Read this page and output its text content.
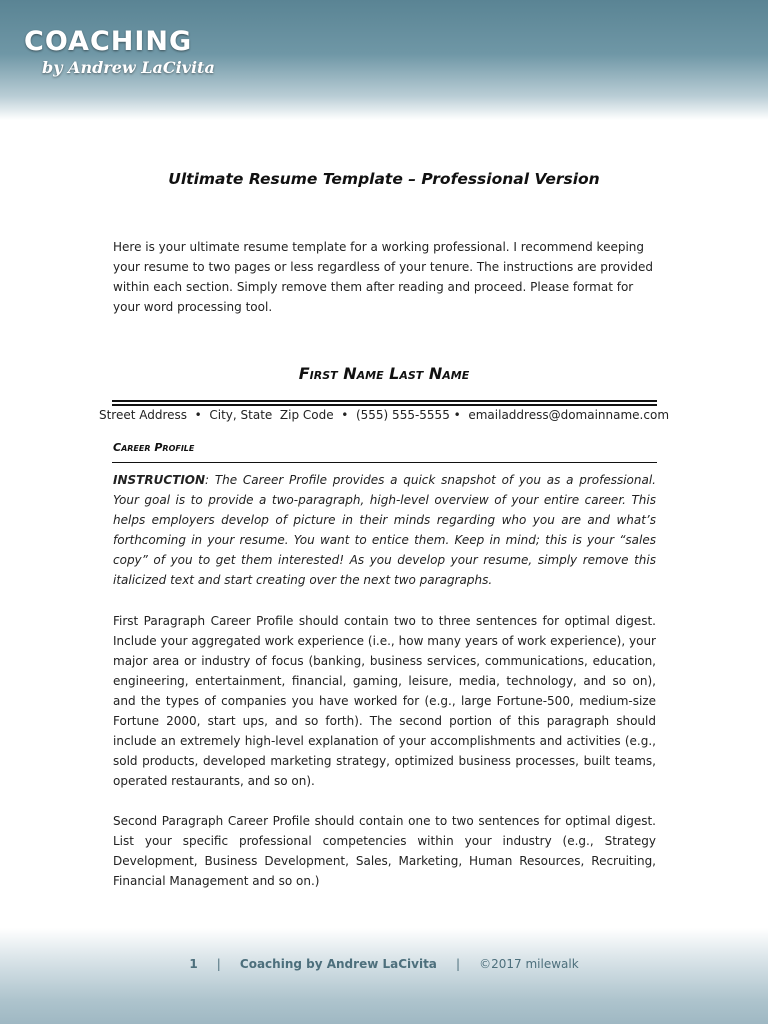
COACHING
by Andrew LaCivita
Ultimate Resume Template – Professional Version

Here is your ultimate resume template for a working professional. I recommend keeping your resume to two pages or less regardless of your tenure. The instructions are provided within each section. Simply remove them after reading and proceed. Please format for your word processing tool.

First Name Last Name
Street Address  •  City, State  Zip Code  •  (555) 555-5555 •  emailaddress@domainname.com
Career Profile

INSTRUCTION: The Career Profile provides a quick snapshot of you as a professional. Your goal is to provide a two-paragraph, high-level overview of your entire career. This helps employers develop of picture in their minds regarding who you are and what’s forthcoming in your resume. You want to entice them. Keep in mind; this is your “sales copy” of you to get them interested! As you develop your resume, simply remove this italicized text and start creating over the next two paragraphs.

First Paragraph Career Profile should contain two to three sentences for optimal digest. Include your aggregated work experience (i.e., how many years of work experience), your major area or industry of focus (banking, business services, communications, education, engineering, entertainment, financial, gaming, leisure, media, technology, and so on), and the types of companies you have worked for (e.g., large Fortune-500, medium-size Fortune 2000, start ups, and so forth). The second portion of this paragraph should include an extremely high-level explanation of your accomplishments and activities (e.g., sold products, developed marketing strategy, optimized business processes, built teams, operated restaurants, and so on).

Second Paragraph Career Profile should contain one to two sentences for optimal digest. List your specific professional competencies within your industry (e.g., Strategy Development, Business Development, Sales, Marketing, Human Resources, Recruiting, Financial Management and so on.)

1 | Coaching by Andrew LaCivita | ©2017 milewalk
